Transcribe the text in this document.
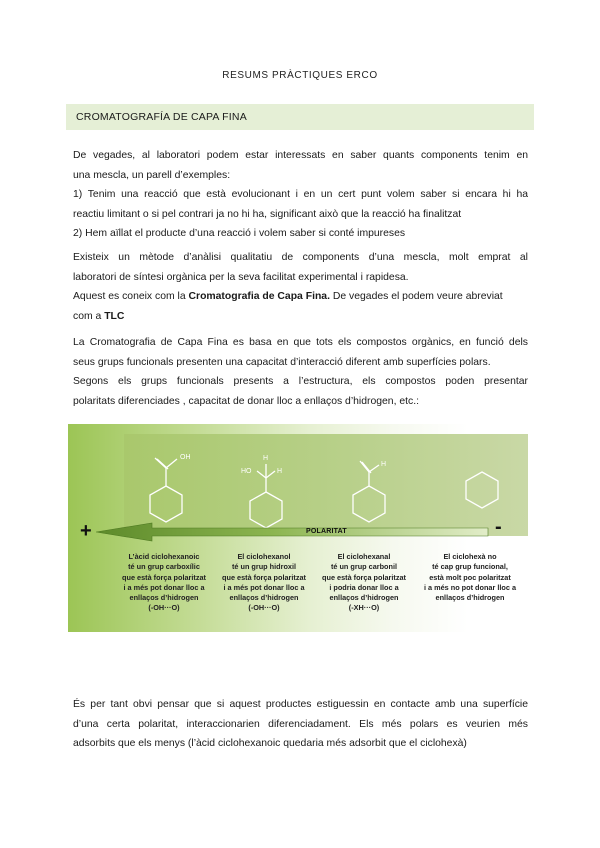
RESUMS PRÀCTIQUES ERCO
CROMATOGRAFÍA DE CAPA FINA
De vegades, al laboratori podem estar interessats en saber quants components tenim en
una mescla, un parell d’exemples:
1) Tenim una reacció que està evolucionant i en un cert punt volem saber si encara hi ha
reactiu limitant o si pel contrari ja no hi ha, significant això que la reacció ha finalitzat
2) Hem aïllat el producte d’una reacció i volem saber si conté impureses
Existeix un mètode d’anàlisi qualitatiu de components d’una mescla, molt emprat al
laboratori de síntesi orgànica per la seva facilitat experimental i rapidesa.
Aquest es coneix com la Cromatografia de Capa Fina. De vegades el podem veure abreviat
com a TLC
La Cromatografia de Capa Fina es basa en que tots els compostos orgànics, en funció dels
seus grups funcionals presenten una capacitat d’interacció diferent amb superfícies polars.
Segons els grups funcionals presents a l’estructura, els compostos poden presentar
polaritats diferenciades , capacitat de donar lloc a enllaços d’hidrogen, etc.:
OH
HO
H
H
H
+	-
POLARITAT
L’àcid ciclohexanoic
té un grup carboxílic
que està força polaritzat
i a més pot donar lloc a
enllaços d’hidrogen
(-OH···O)
El ciclohexanol
té un grup hidroxil
que està força polaritzat
i a més pot donar lloc a
enllaços d’hidrogen
(-OH···O)
El ciclohexanal
té un grup carbonil
que està força polaritzat
i podria donar lloc a
enllaços d’hidrogen
(-XH···O)
El ciclohexà no
té cap grup funcional,
està molt poc polaritzat
i a més no pot donar lloc a
enllaços d’hidrogen
És per tant obvi pensar que si aquest productes estiguessin en contacte amb una superfície
d’una certa polaritat, interaccionarien diferenciadament. Els més polars es veurien més
adsorbits que els menys (l’àcid ciclohexanoic quedaria més adsorbit que el ciclohexà)
